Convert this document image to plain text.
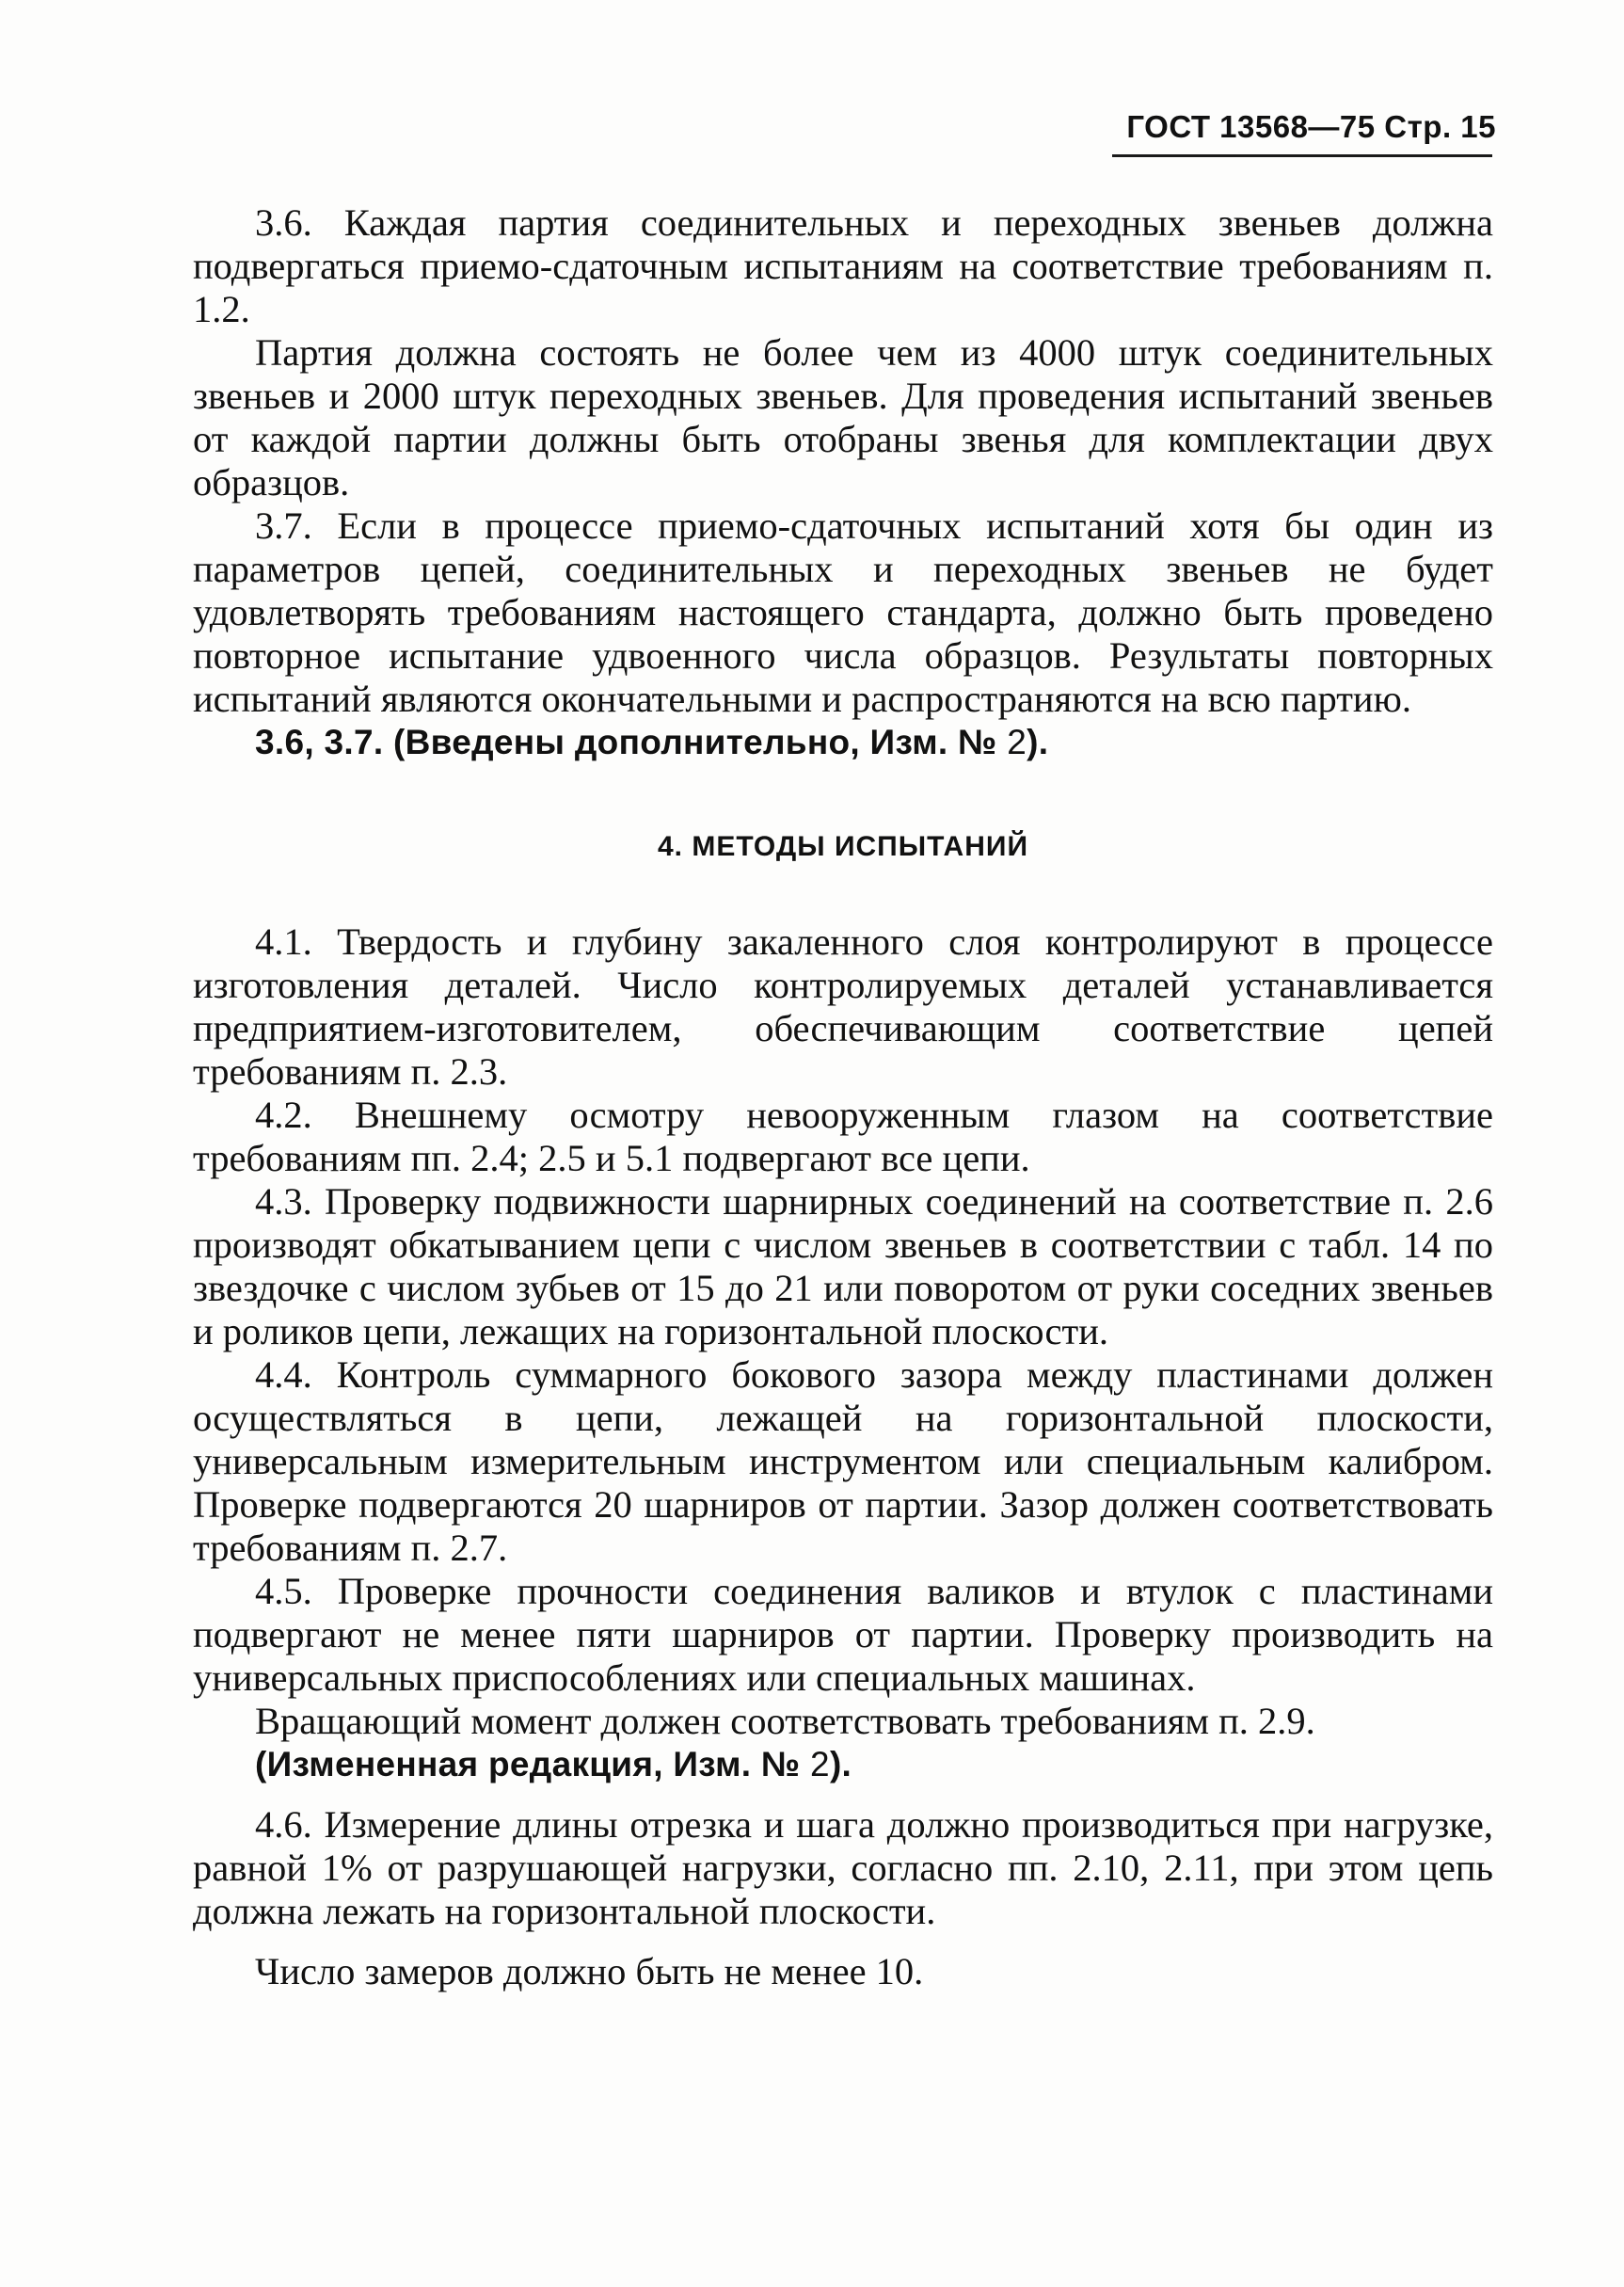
ГОСТ 13568—75 Стр. 15

3.6. Каждая партия соединительных и переходных звеньев должна подвергаться приемо-сдаточным испытаниям на соответствие требованиям п. 1.2.

Партия должна состоять не более чем из 4000 штук соединительных звеньев и 2000 штук переходных звеньев. Для проведения испытаний звеньев от каждой партии должны быть отобраны звенья для комплектации двух образцов.

3.7. Если в процессе приемо-сдаточных испытаний хотя бы один из параметров цепей, соединительных и переходных звеньев не будет удовлетворять требованиям настоящего стандарта, должно быть проведено повторное испытание удвоенного числа образцов. Результаты повторных испытаний являются окончательными и распространяются на всю партию.

3.6, 3.7. (Введены дополнительно, Изм. № 2).

4. МЕТОДЫ ИСПЫТАНИЙ

4.1. Твердость и глубину закаленного слоя контролируют в процессе изготовления деталей. Число контролируемых деталей устанавливается предприятием-изготовителем, обеспечивающим соответствие цепей требованиям п. 2.3.

4.2. Внешнему осмотру невооруженным глазом на соответствие требованиям пп. 2.4; 2.5 и 5.1 подвергают все цепи.

4.3. Проверку подвижности шарнирных соединений на соответствие п. 2.6 производят обкатыванием цепи с числом звеньев в соответствии с табл. 14 по звездочке с числом зубьев от 15 до 21 или поворотом от руки соседних звеньев и роликов цепи, лежащих на горизонтальной плоскости.

4.4. Контроль суммарного бокового зазора между пластинами должен осуществляться в цепи, лежащей на горизонтальной плоскости, универсальным измерительным инструментом или специальным калибром. Проверке подвергаются 20 шарниров от партии. Зазор должен соответствовать требованиям п. 2.7.

4.5. Проверке прочности соединения валиков и втулок с пластинами подвергают не менее пяти шарниров от партии. Проверку производить на универсальных приспособлениях или специальных машинах.

Вращающий момент должен соответствовать требованиям п. 2.9.

(Измененная редакция, Изм. № 2).

4.6. Измерение длины отрезка и шага должно производиться при нагрузке, равной 1% от разрушающей нагрузки, согласно пп. 2.10, 2.11, при этом цепь должна лежать на горизонтальной плоскости.

Число замеров должно быть не менее 10.
